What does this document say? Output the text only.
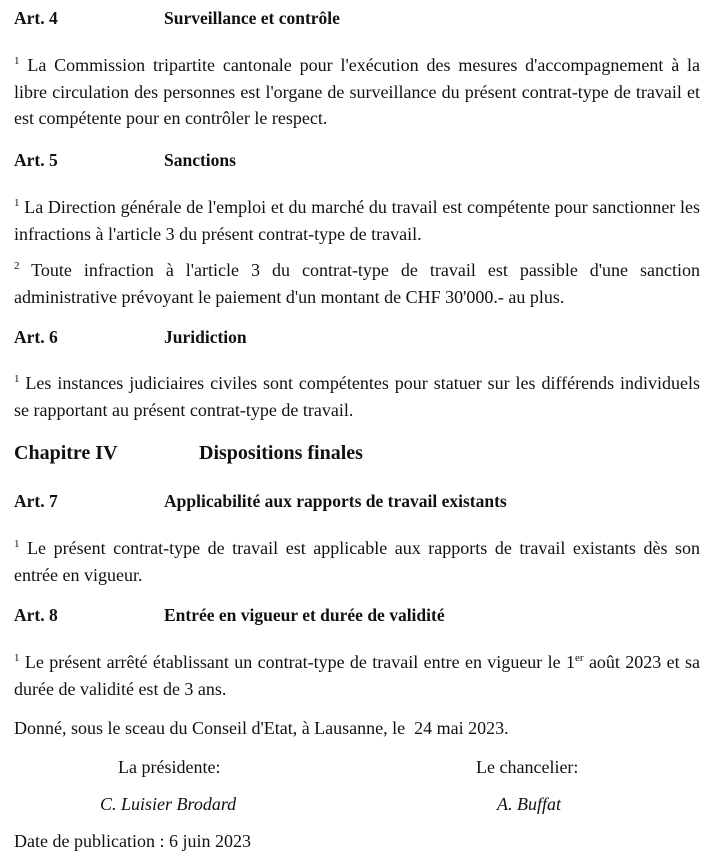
Art. 4	Surveillance et contrôle
$^1$ La Commission tripartite cantonale pour l'exécution des mesures d'accompagnement à la libre circulation des personnes est l'organe de surveillance du présent contrat-type de travail et est compétente pour en contrôler le respect.
Art. 5	Sanctions
$^1$ La Direction générale de l'emploi et du marché du travail est compétente pour sanctionner les infractions à l'article 3 du présent contrat-type de travail.
$^2$ Toute infraction à l'article 3 du contrat-type de travail est passible d'une sanction administrative prévoyant le paiement d'un montant de CHF 30'000.- au plus.
Art. 6	Juridiction
$^1$ Les instances judiciaires civiles sont compétentes pour statuer sur les différends individuels se rapportant au présent contrat-type de travail.
Chapitre IV	Dispositions finales
Art. 7	Applicabilité aux rapports de travail existants
$^1$ Le présent contrat-type de travail est applicable aux rapports de travail existants dès son entrée en vigueur.
Art. 8	Entrée en vigueur et durée de validité
$^1$ Le présent arrêté établissant un contrat-type de travail entre en vigueur le 1er août 2023 et sa durée de validité est de 3 ans.
Donné, sous le sceau du Conseil d'Etat, à Lausanne, le  24 mai 2023.
La présidente:	Le chancelier:
C. Luisier Brodard	A. Buffat
Date de publication : 6 juin 2023
